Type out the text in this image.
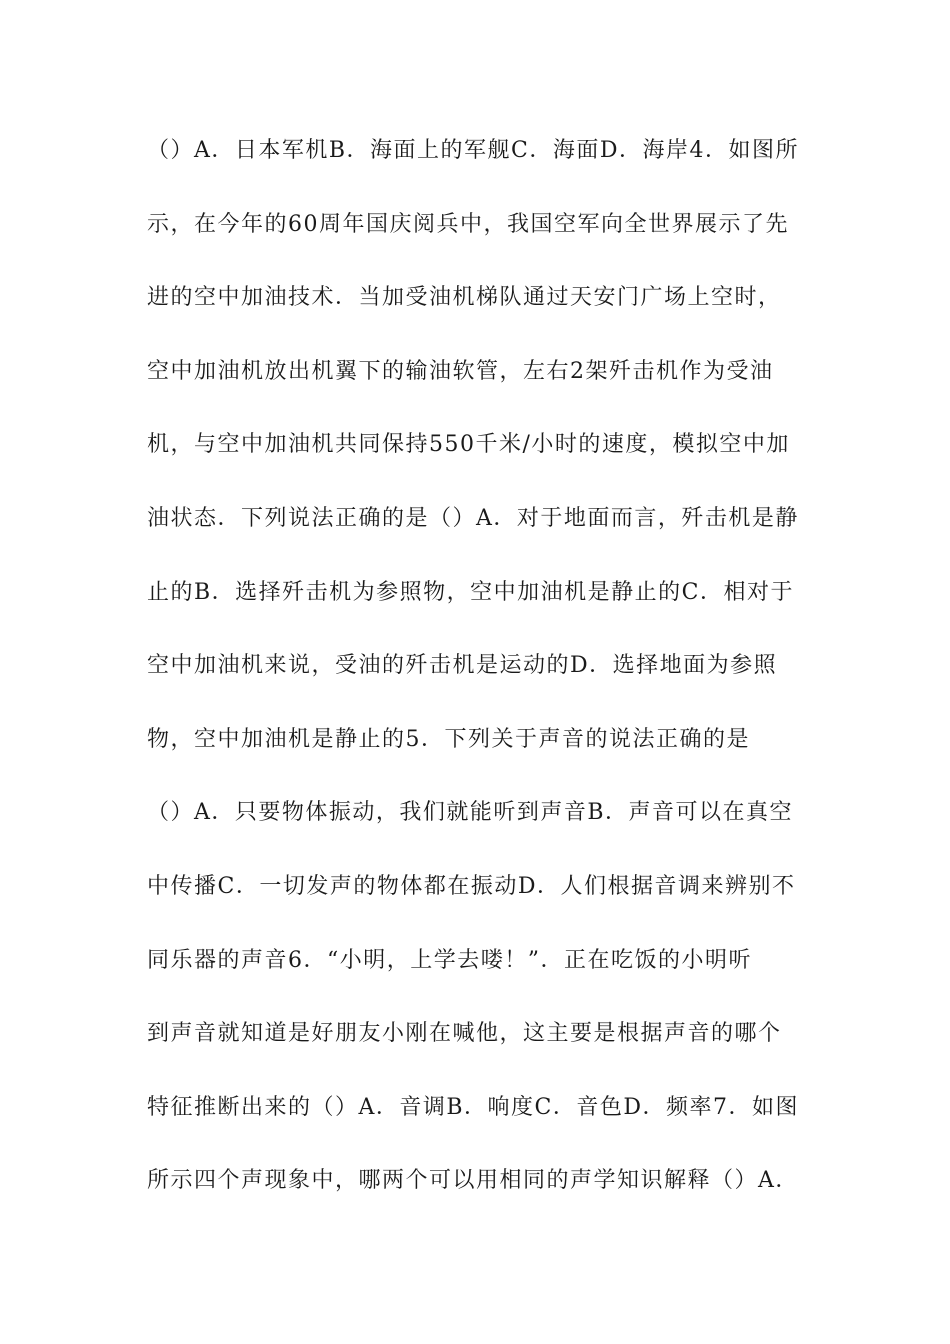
（）A．日本军机B．海面上的军舰C．海面D．海岸4．如图所
示，在今年的60周年国庆阅兵中，我国空军向全世界展示了先
进的空中加油技术．当加受油机梯队通过天安门广场上空时，
空中加油机放出机翼下的输油软管，左右2架歼击机作为受油
机，与空中加油机共同保持550千米/小时的速度，模拟空中加
油状态．下列说法正确的是（）A．对于地面而言，歼击机是静
止的B．选择歼击机为参照物，空中加油机是静止的C．相对于
空中加油机来说，受油的歼击机是运动的D．选择地面为参照
物，空中加油机是静止的5．下列关于声音的说法正确的是
（）A．只要物体振动，我们就能听到声音B．声音可以在真空
中传播C．一切发声的物体都在振动D．人们根据音调来辨别不
同乐器的声音6．“小明，上学去喽！”．正在吃饭的小明听
到声音就知道是好朋友小刚在喊他，这主要是根据声音的哪个
特征推断出来的（）A．音调B．响度C．音色D．频率7．如图
所示四个声现象中，哪两个可以用相同的声学知识解释（）A．
